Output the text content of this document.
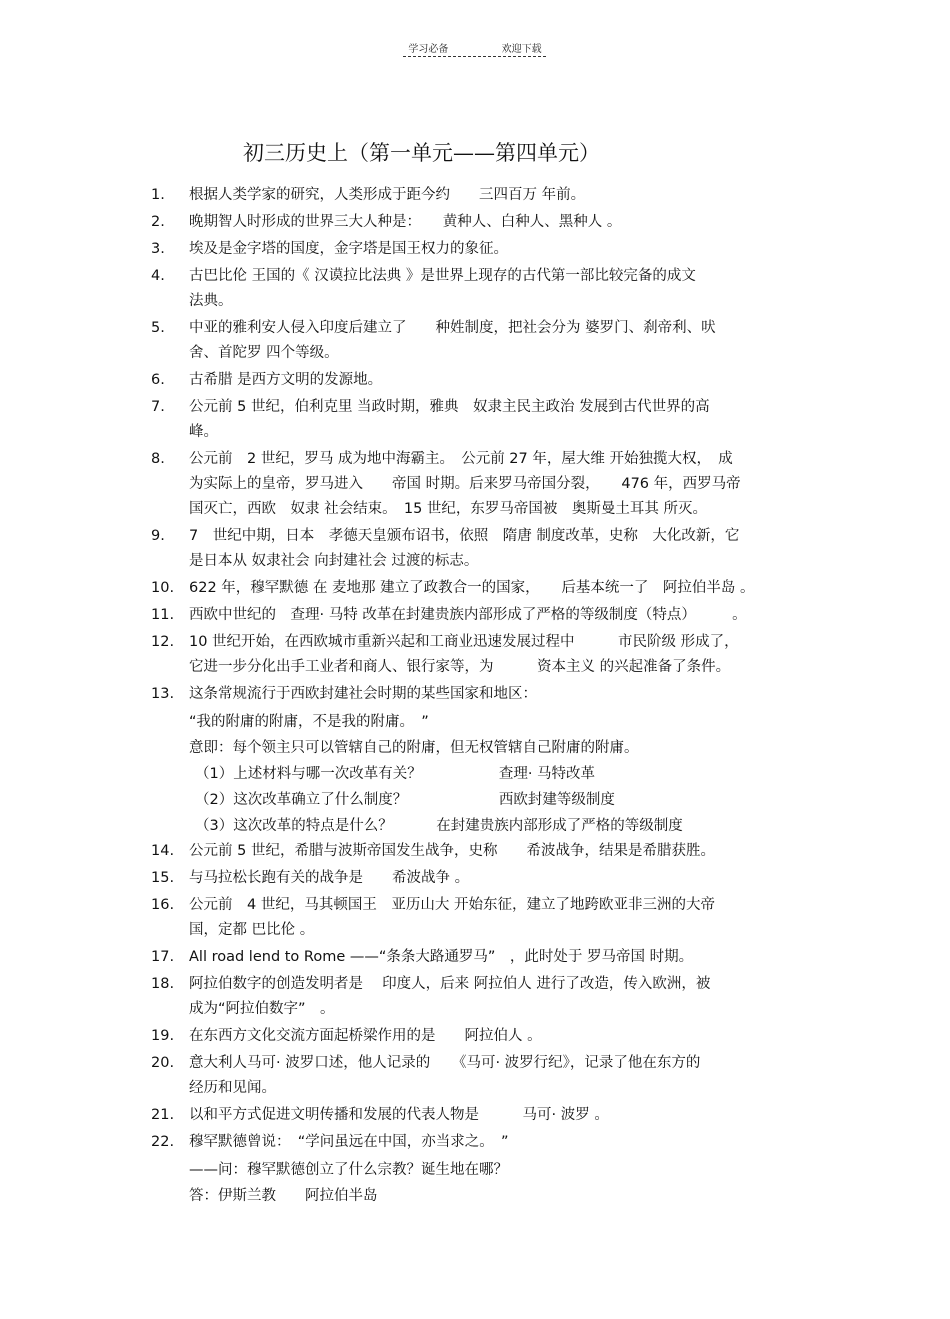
学习必备	欢迎下载
初三历史上（第一单元——第四单元）
1. 根据人类学家的研究，人类形成于距今约　　三四百万 年前。
2. 晚期智人时形成的世界三大人种是：　　黄种人、白种人、黑种人 。
3. 埃及是金字塔的国度，金字塔是国王权力的象征。
4. 古巴比伦 王国的《 汉谟拉比法典 》是世界上现存的古代第一部比较完备的成文
法典。
5. 中亚的雅利安人侵入印度后建立了　　种姓制度，把社会分为 婆罗门、刹帝利、吠
舍、首陀罗 四个等级。
6. 古希腊 是西方文明的发源地。
7. 公元前 5 世纪，伯利克里 当政时期，雅典　奴隶主民主政治 发展到古代世界的高
峰。
8. 公元前　2 世纪，罗马 成为地中海霸主。　公元前 27 年，屋大维 开始独揽大权，　成
为实际上的皇帝，罗马进入　　帝国 时期。后来罗马帝国分裂，　　476 年，西罗马帝
国灭亡，西欧　奴隶 社会结束。　15 世纪，东罗马帝国被　奥斯曼土耳其 所灭。
9. 7　世纪中期，日本　孝德天皇颁布诏书，依照　隋唐 制度改革，史称　大化改新，它
是日本从 奴隶社会 向封建社会 过渡的标志。
10. 622 年，穆罕默德 在 麦地那 建立了政教合一的国家，　　后基本统一了　阿拉伯半岛 。
11. 西欧中世纪的　查理· 马特 改革在封建贵族内部形成了严格的等级制度（特点）　　　。
12. 10 世纪开始，在西欧城市重新兴起和工商业迅速发展过程中　　　市民阶级 形成了，
它进一步分化出手工业者和商人、银行家等，为　　　资本主义 的兴起准备了条件。
13. 这条常规流行于西欧封建社会时期的某些国家和地区：
“我的附庸的附庸，不是我的附庸。　”
意即：每个领主只可以管辖自己的附庸，但无权管辖自己附庸的附庸。
（1）上述材料与哪一次改革有关？　　　　　 查理· 马特改革
（2）这次改革确立了什么制度？　　　　　　 西欧封建等级制度
（3）这次改革的特点是什么？　　　在封建贵族内部形成了严格的等级制度
14. 公元前 5 世纪，希腊与波斯帝国发生战争，史称　　希波战争，结果是希腊获胜。
15. 与马拉松长跑有关的战争是　　希波战争 。
16. 公元前　4 世纪，马其顿国王　亚历山大 开始东征，建立了地跨欧亚非三洲的大帝
国，定都 巴比伦 。
17. All road lend to Rome ——“条条大路通罗马”　，此时处于 罗马帝国 时期。
18. 阿拉伯数字的创造发明者是　 印度人，后来 阿拉伯人 进行了改造，传入欧洲，被
成为“阿拉伯数字”　。
19. 在东西方文化交流方面起桥梁作用的是　　阿拉伯人 。
20. 意大利人马可· 波罗口述，他人记录的　　《马可· 波罗行纪》，记录了他在东方的
经历和见闻。
21. 以和平方式促进文明传播和发展的代表人物是　　　马可· 波罗 。
22. 穆罕默德曾说：　“学问虽远在中国，亦当求之。　”
——问：穆罕默德创立了什么宗教？诞生地在哪？
答：伊斯兰教　　阿拉伯半岛
